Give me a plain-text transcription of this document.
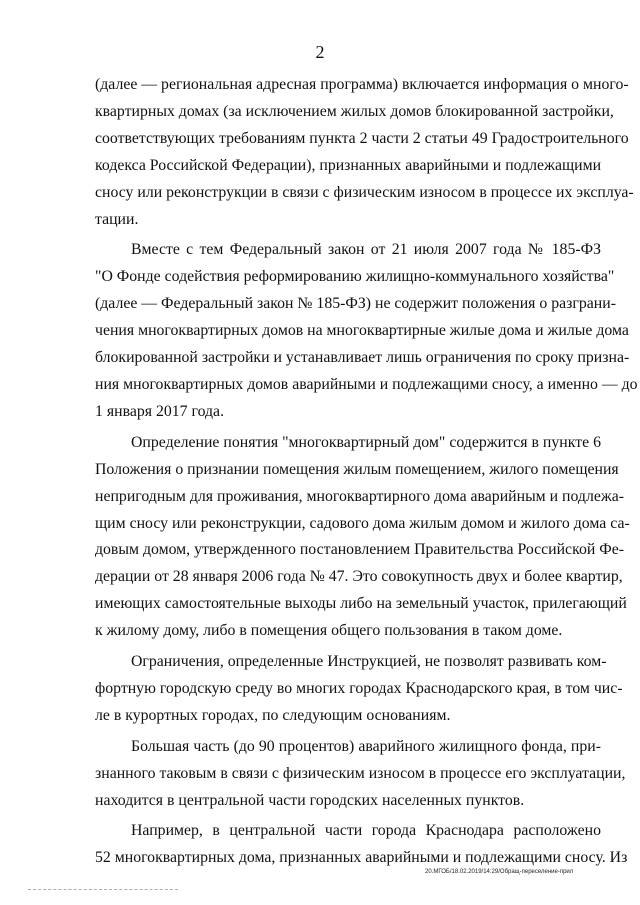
2

(далее — региональная адресная программа) включается информация о много-
квартирных домах (за исключением жилых домов блокированной застройки,
соответствующих требованиям пункта 2 части 2 статьи 49 Градостроительного
кодекса Российской Федерации), признанных аварийными и подлежащими
сносу или реконструкции в связи с физическим износом в процессе их эксплуа-
тации.

Вместе с тем Федеральный закон от 21 июля 2007 года № 185-ФЗ
"О Фонде содействия реформированию жилищно-коммунального хозяйства"
(далее — Федеральный закон № 185-ФЗ) не содержит положения о разграни-
чения многоквартирных домов на многоквартирные жилые дома и жилые дома
блокированной застройки и устанавливает лишь ограничения по сроку призна-
ния многоквартирных домов аварийными и подлежащими сносу, а именно — до
1 января 2017 года.

Определение понятия "многоквартирный дом" содержится в пункте 6
Положения о признании помещения жилым помещением, жилого помещения
непригодным для проживания, многоквартирного дома аварийным и подлежа-
щим сносу или реконструкции, садового дома жилым домом и жилого дома са-
довым домом, утвержденного постановлением Правительства Российской Фе-
дерации от 28 января 2006 года № 47. Это совокупность двух и более квартир,
имеющих самостоятельные выходы либо на земельный участок, прилегающий
к жилому дому, либо в помещения общего пользования в таком доме.

Ограничения, определенные Инструкцией, не позволят развивать ком-
фортную городскую среду во многих городах Краснодарского края, в том чис-
ле в курортных городах, по следующим основаниям.

Большая часть (до 90 процентов) аварийного жилищного фонда, при-
знанного таковым в связи с физическим износом в процессе его эксплуатации,
находится в центральной части городских населенных пунктов.

Например, в центральной части города Краснодара расположено
52 многоквартирных дома, признанных аварийными и подлежащими сносу. Из

20.МГОБ/18.02.2019/14:29/Обращ-переселение-прил
